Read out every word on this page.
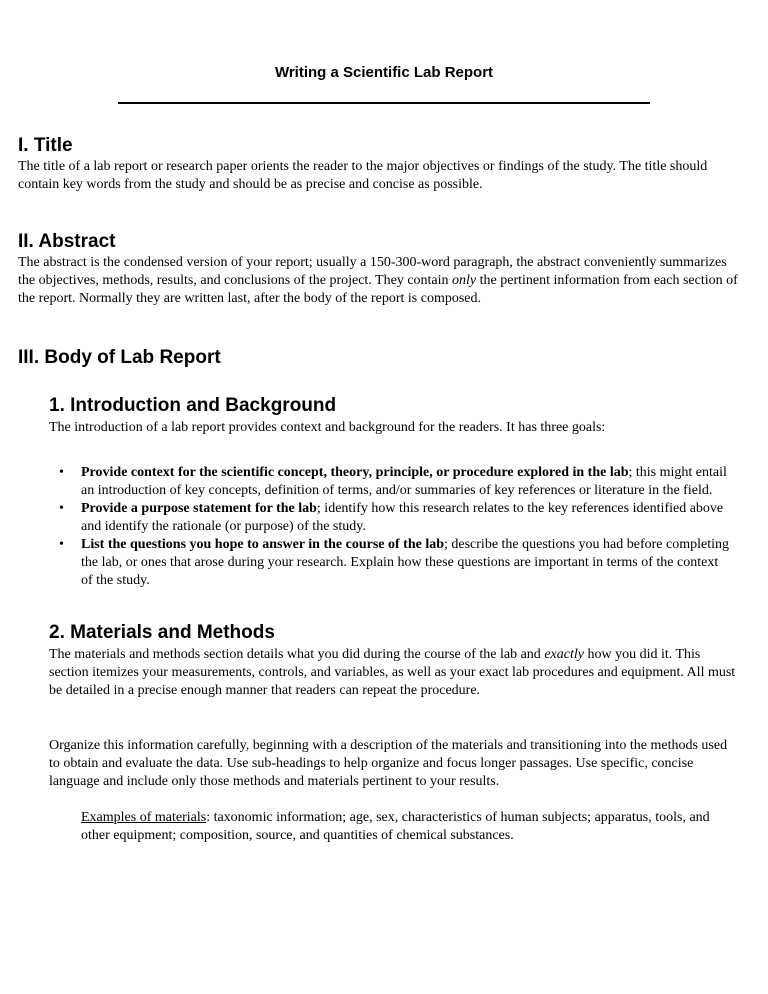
Writing a Scientific Lab Report
I. Title

The title of a lab report or research paper orients the reader to the major objectives or findings of the study. The title should contain key words from the study and should be as precise and concise as possible.

II. Abstract

The abstract is the condensed version of your report; usually a 150-300-word paragraph, the abstract conveniently summarizes the objectives, methods, results, and conclusions of the project. They contain only the pertinent information from each section of the report. Normally they are written last, after the body of the report is composed.

III. Body of Lab Report
1. Introduction and Background

The introduction of a lab report provides context and background for the readers. It has three goals:

• Provide context for the scientific concept, theory, principle, or procedure explored in the lab; this might entail an introduction of key concepts, definition of terms, and/or summaries of key references or literature in the field.
• Provide a purpose statement for the lab; identify how this research relates to the key references identified above and identify the rationale (or purpose) of the study.
• List the questions you hope to answer in the course of the lab; describe the questions you had before completing the lab, or ones that arose during your research. Explain how these questions are important in terms of the context of the study.
2. Materials and Methods

The materials and methods section details what you did during the course of the lab and exactly how you did it. This section itemizes your measurements, controls, and variables, as well as your exact lab procedures and equipment. All must be detailed in a precise enough manner that readers can repeat the procedure.

Organize this information carefully, beginning with a description of the materials and transitioning into the methods used to obtain and evaluate the data. Use sub-headings to help organize and focus longer passages. Use specific, concise language and include only those methods and materials pertinent to your results.

Examples of materials: taxonomic information; age, sex, characteristics of human subjects; apparatus, tools, and other equipment; composition, source, and quantities of chemical substances.
